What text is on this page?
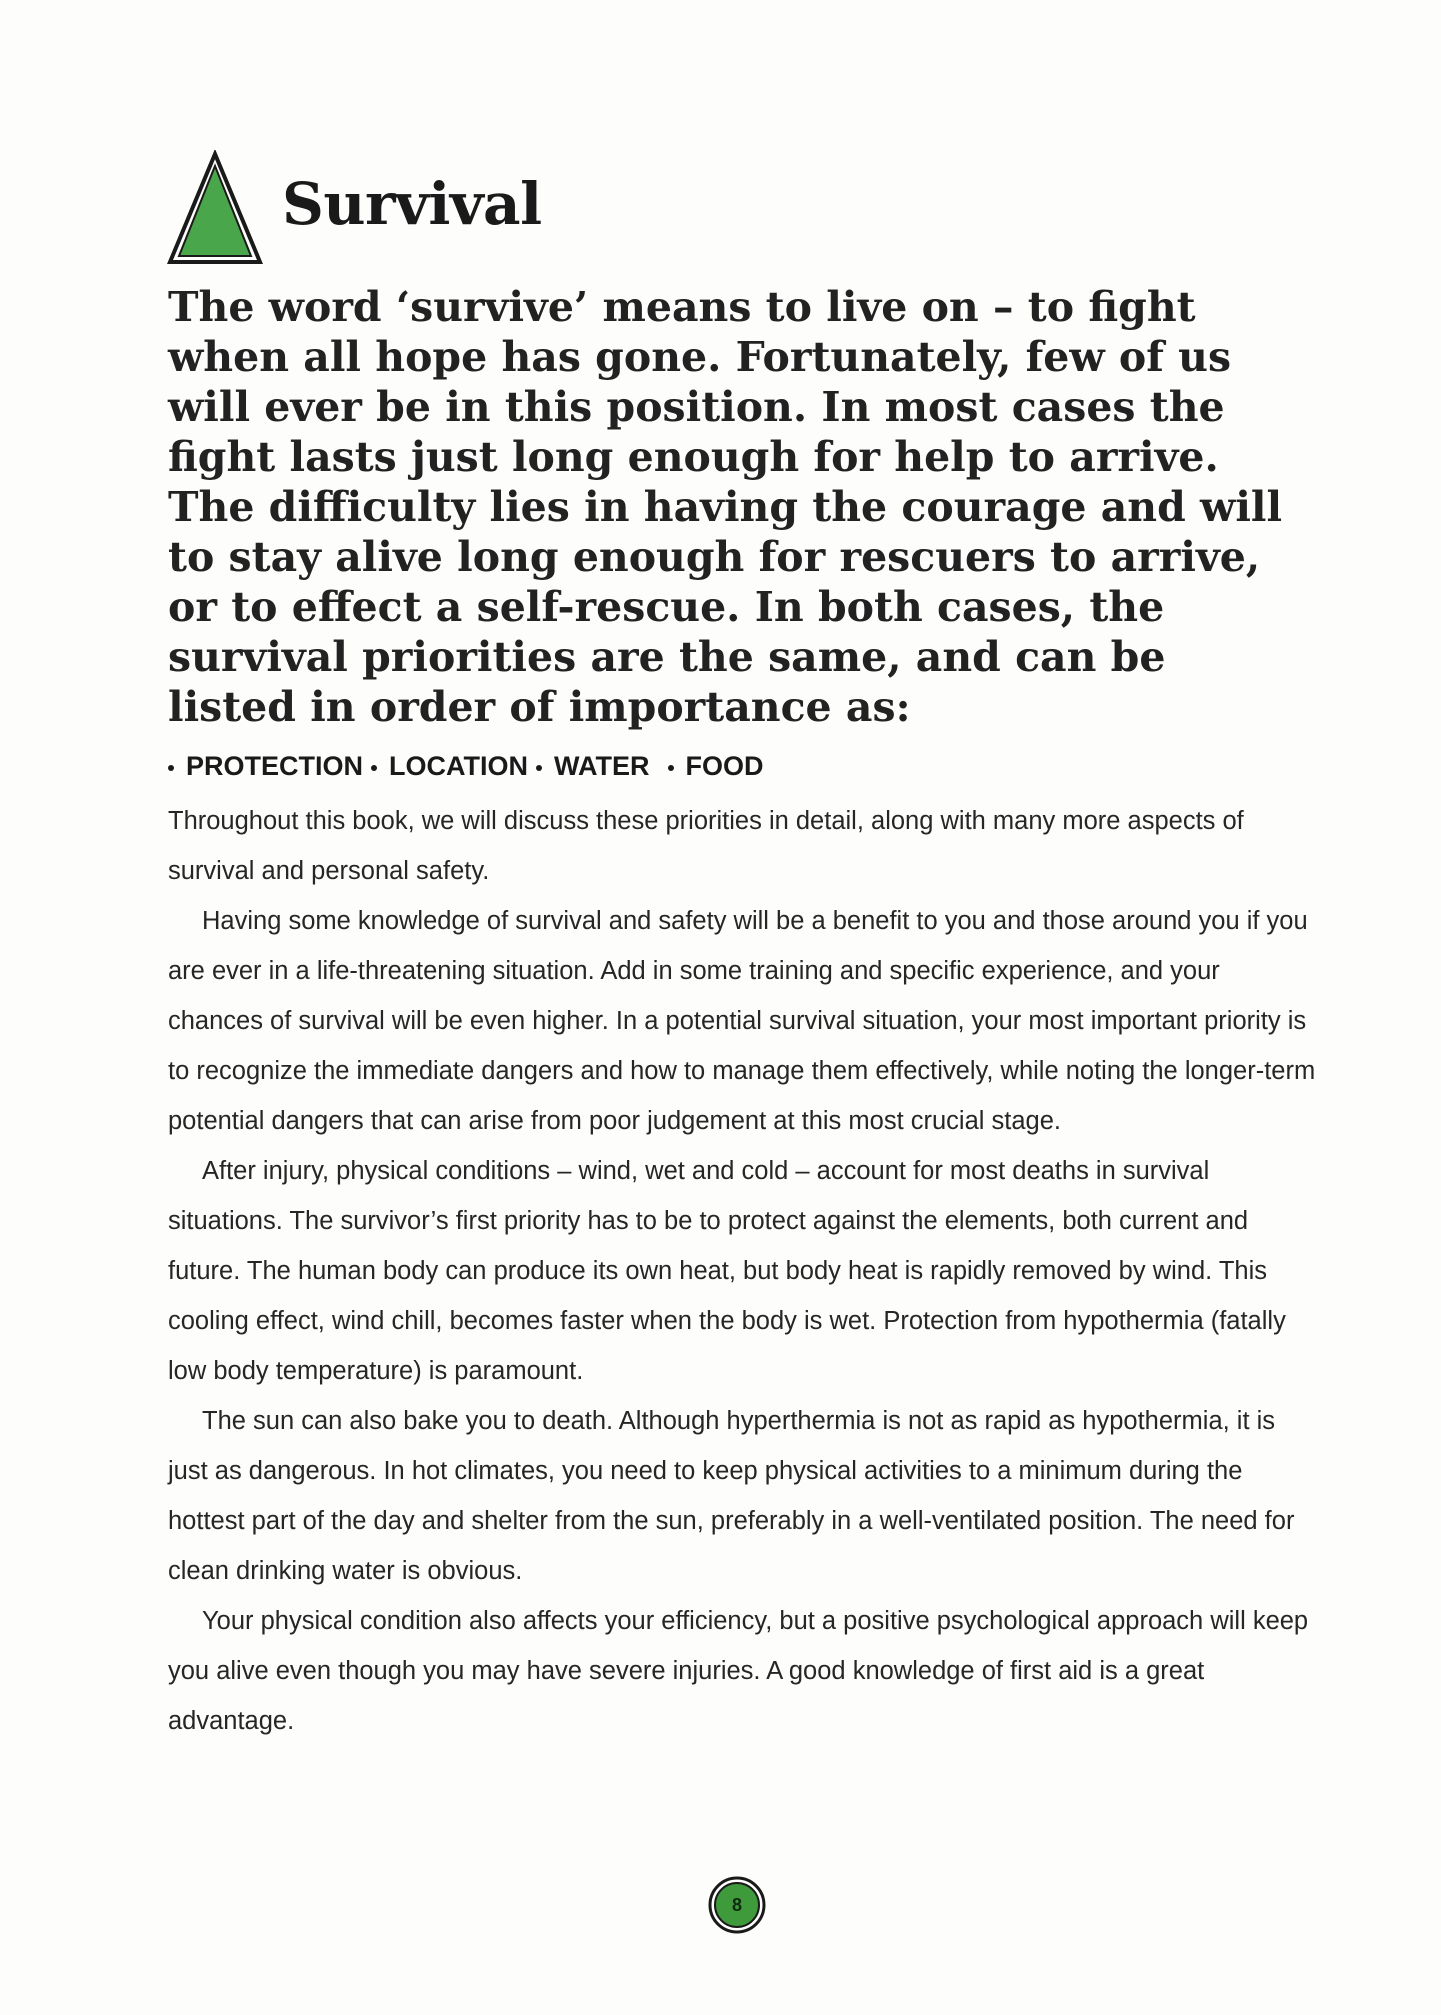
Survival

The word ‘survive’ means to live on – to fight when all hope has gone. Fortunately, few of us will ever be in this position. In most cases the fight lasts just long enough for help to arrive. The difficulty lies in having the courage and will to stay alive long enough for rescuers to arrive, or to effect a self-rescue. In both cases, the survival priorities are the same, and can be listed in order of importance as:

PROTECTION LOCATION WATER FOOD

Throughout this book, we will discuss these priorities in detail, along with many more aspects of survival and personal safety.

Having some knowledge of survival and safety will be a benefit to you and those around you if you are ever in a life-threatening situation. Add in some training and specific experience, and your chances of survival will be even higher. In a potential survival situation, your most important priority is to recognize the immediate dangers and how to manage them effectively, while noting the longer-term potential dangers that can arise from poor judgement at this most crucial stage.

After injury, physical conditions – wind, wet and cold – account for most deaths in survival situations. The survivor’s first priority has to be to protect against the elements, both current and future. The human body can produce its own heat, but body heat is rapidly removed by wind. This cooling effect, wind chill, becomes faster when the body is wet. Protection from hypothermia (fatally low body temperature) is paramount.

The sun can also bake you to death. Although hyperthermia is not as rapid as hypothermia, it is just as dangerous. In hot climates, you need to keep physical activities to a minimum during the hottest part of the day and shelter from the sun, preferably in a well-ventilated position. The need for clean drinking water is obvious.

Your physical condition also affects your efficiency, but a positive psychological approach will keep you alive even though you may have severe injuries. A good knowledge of first aid is a great advantage.

8
